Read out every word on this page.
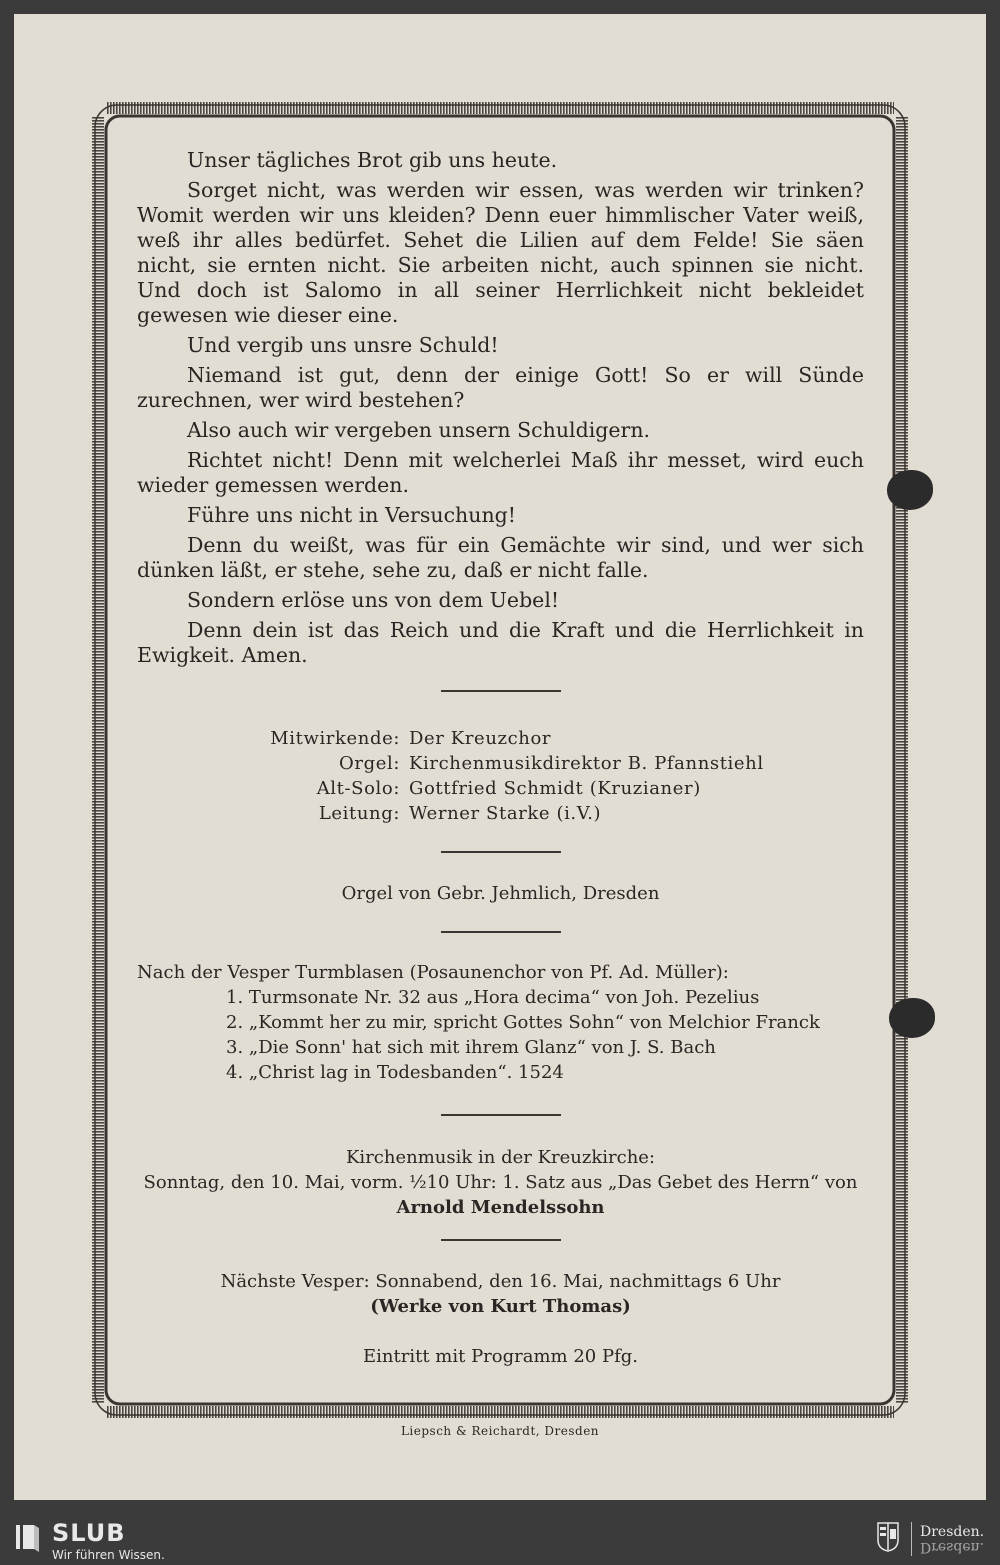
Unser tägliches Brot gib uns heute.

Sorget nicht, was werden wir essen, was werden wir trinken? Womit werden wir uns kleiden? Denn euer himmlischer Vater weiß, weß ihr alles bedürfet. Sehet die Lilien auf dem Felde! Sie säen nicht, sie ernten nicht. Sie arbeiten nicht, auch spinnen sie nicht. Und doch ist Salomo in all seiner Herrlichkeit nicht bekleidet gewesen wie dieser eine.

Und vergib uns unsre Schuld!

Niemand ist gut, denn der einige Gott! So er will Sünde zurechnen, wer wird bestehen?

Also auch wir vergeben unsern Schuldigern.

Richtet nicht! Denn mit welcherlei Maß ihr messet, wird euch wieder gemessen werden.

Führe uns nicht in Versuchung!

Denn du weißt, was für ein Gemächte wir sind, und wer sich dünken läßt, er stehe, sehe zu, daß er nicht falle.

Sondern erlöse uns von dem Uebel!

Denn dein ist das Reich und die Kraft und die Herrlichkeit in Ewigkeit. Amen.

Mitwirkende: Der Kreuzchor
Orgel: Kirchenmusikdirektor B. Pfannstiehl
Alt-Solo: Gottfried Schmidt (Kruzianer)
Leitung: Werner Starke (i.V.)
Orgel von Gebr. Jehmlich, Dresden
Nach der Vesper Turmblasen (Posaunenchor von Pf. Ad. Müller):
1. Turmsonate Nr. 32 aus „Hora decima“ von Joh. Pezelius
2. „Kommt her zu mir, spricht Gottes Sohn“ von Melchior Franck
3. „Die Sonn' hat sich mit ihrem Glanz“ von J. S. Bach
4. „Christ lag in Todesbanden“. 1524
Kirchenmusik in der Kreuzkirche:
Sonntag, den 10. Mai, vorm. ½10 Uhr: 1. Satz aus „Das Gebet des Herrn“ von
Arnold Mendelssohn
Nächste Vesper: Sonnabend, den 16. Mai, nachmittags 6 Uhr
(Werke von Kurt Thomas)
Eintritt mit Programm 20 Pfg.
Liepsch & Reichardt, Dresden
SLUB
Wir führen Wissen.
Dresden.
Dresden.
